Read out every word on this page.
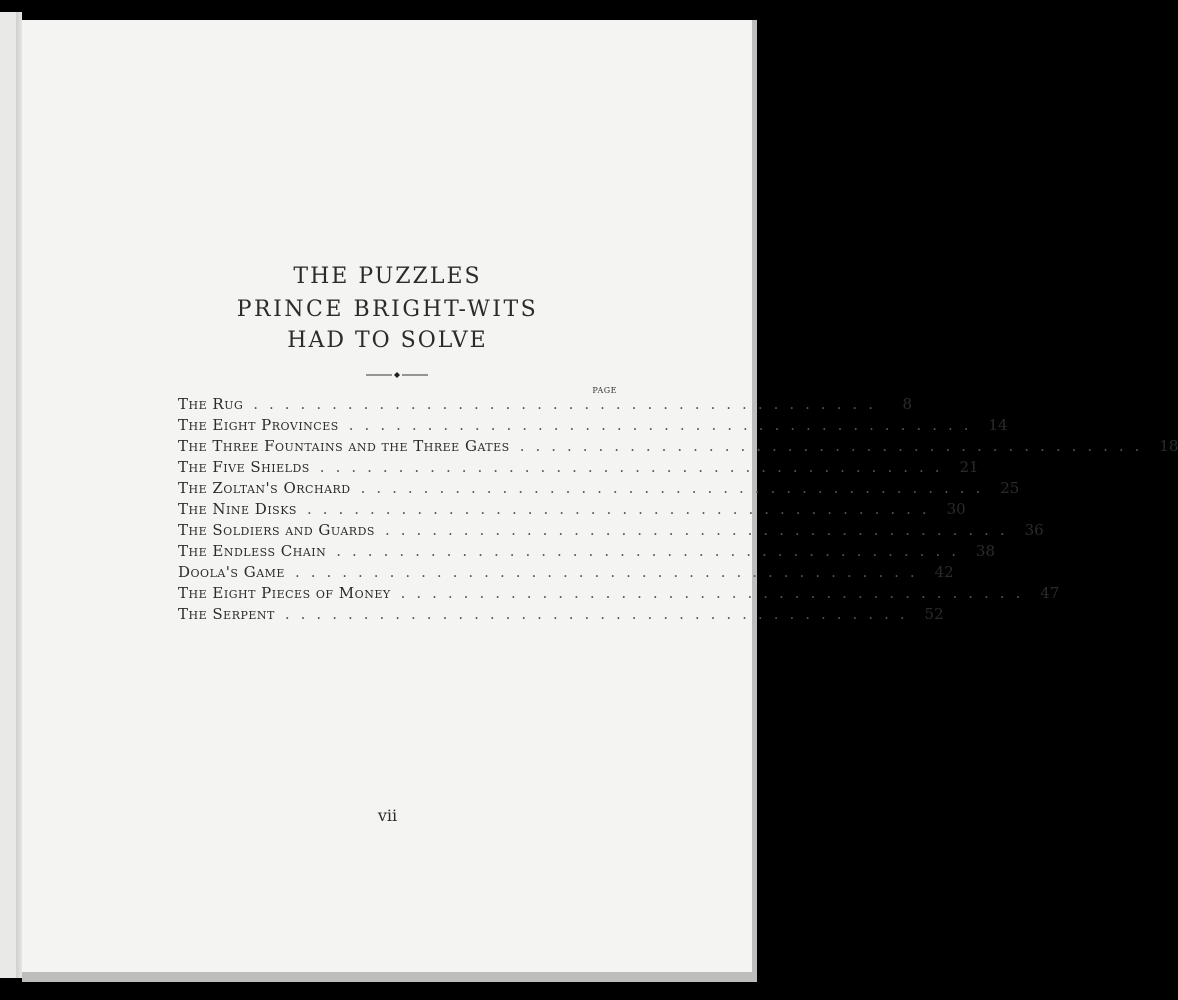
THE PUZZLES
PRINCE BRIGHT-WITS
HAD TO SOLVE
PAGE
The Rug ........................................	8
The Eight Provinces ........................................ 14
The Three Fountains and the Three Gates ........................................ 18
The Five Shields ........................................ 21
The Zoltan's Orchard ........................................ 25
The Nine Disks ........................................ 30
The Soldiers and Guards ........................................ 36
The Endless Chain ........................................ 38
Doola's Game ........................................ 42
The Eight Pieces of Money ........................................ 47
The Serpent ........................................ 52
vii
